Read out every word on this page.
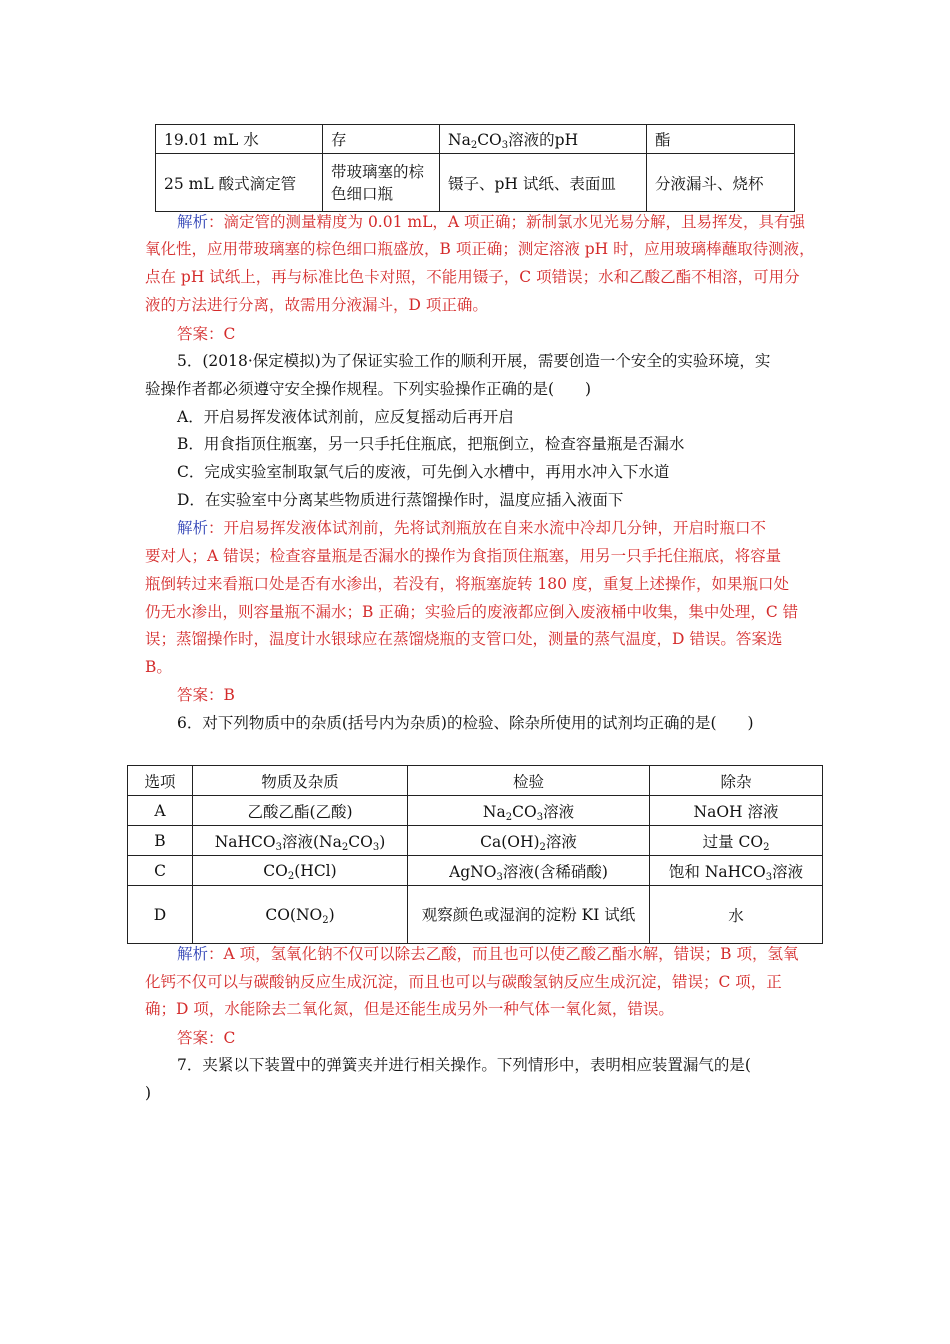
19.01 mL 水	存	$Na_2CO_3$溶液的pH	酯
25 mL 酸式滴定管	带玻璃塞的棕色细口瓶	镊子、pH 试纸、表面皿	分液漏斗、烧杯
解析：滴定管的测量精度为 0.01 mL，A 项正确；新制氯水见光易分解，且易挥发，具有强
氧化性，应用带玻璃塞的棕色细口瓶盛放，B 项正确；测定溶液 pH 时，应用玻璃棒蘸取待测液，
点在 pH 试纸上，再与标准比色卡对照，不能用镊子，C 项错误；水和乙酸乙酯不相溶，可用分
液的方法进行分离，故需用分液漏斗，D 项正确。
答案：C
5．(2018·保定模拟)为了保证实验工作的顺利开展，需要创造一个安全的实验环境，实
验操作者都必须遵守安全操作规程。下列实验操作正确的是(　　)
A．开启易挥发液体试剂前，应反复摇动后再开启
B．用食指顶住瓶塞，另一只手托住瓶底，把瓶倒立，检查容量瓶是否漏水
C．完成实验室制取氯气后的废液，可先倒入水槽中，再用水冲入下水道
D．在实验室中分离某些物质进行蒸馏操作时，温度应插入液面下
解析：开启易挥发液体试剂前，先将试剂瓶放在自来水流中冷却几分钟，开启时瓶口不
要对人；A 错误；检查容量瓶是否漏水的操作为食指顶住瓶塞，用另一只手托住瓶底，将容量
瓶倒转过来看瓶口处是否有水渗出，若没有，将瓶塞旋转 180 度，重复上述操作，如果瓶口处
仍无水渗出，则容量瓶不漏水；B 正确；实验后的废液都应倒入废液桶中收集，集中处理，C 错
误；蒸馏操作时，温度计水银球应在蒸馏烧瓶的支管口处，测量的蒸气温度，D 错误。答案选
B。
答案：B
6．对下列物质中的杂质(括号内为杂质)的检验、除杂所使用的试剂均正确的是(　　)
选项	物质及杂质	检验	除杂
A	乙酸乙酯(乙酸)	$Na_2CO_3$溶液	NaOH 溶液
B	NaHCO$_3$溶液$(Na_2CO_3)$	$Ca(OH)_2$溶液	过量 $CO_2$
C	$CO_2(HCl)$	AgNO$_3$溶液(含稀硝酸)	饱和 NaHCO$_3$溶液
D	$CO(NO_2)$	观察颜色或湿润的淀粉 KI 试纸	水
解析：A 项，氢氧化钠不仅可以除去乙酸，而且也可以使乙酸乙酯水解，错误；B 项，氢氧
化钙不仅可以与碳酸钠反应生成沉淀，而且也可以与碳酸氢钠反应生成沉淀，错误；C 项，正
确；D 项，水能除去二氧化氮，但是还能生成另外一种气体一氧化氮，错误。
答案：C
7．夹紧以下装置中的弹簧夹并进行相关操作。下列情形中，表明相应装置漏气的是(
)
